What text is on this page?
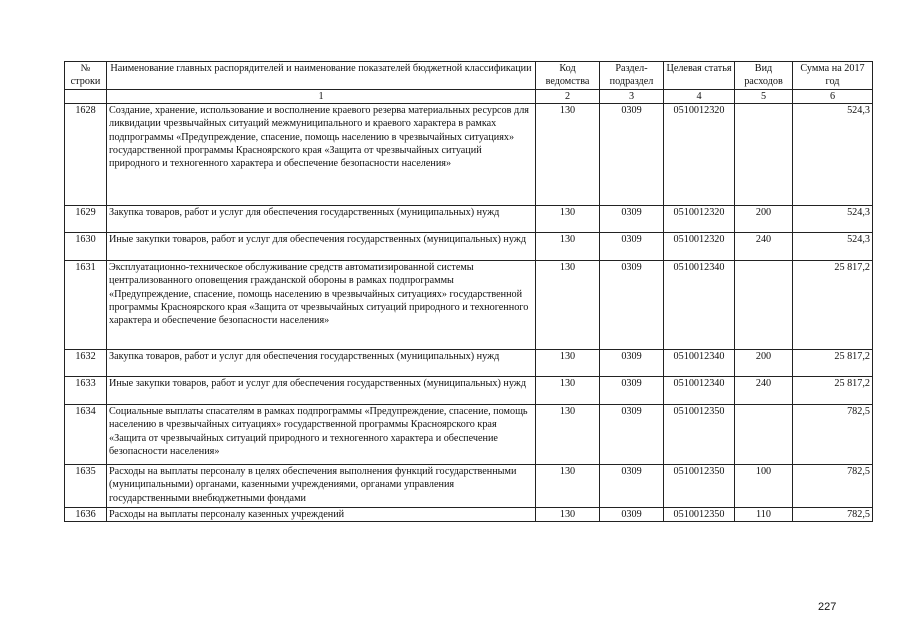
№ строки	Наименование главных распорядителей и наименование показателей бюджетной классификации	Код ведомства	Раздел-подраздел	Целевая статья	Вид расходов	Сумма на 2017 год
	1	2	3	4	5	6
1628	Создание, хранение, использование и восполнение краевого резерва материальных ресурсов для ликвидации чрезвычайных ситуаций межмуниципального и краевого характера в рамках подпрограммы «Предупреждение, спасение, помощь населению в чрезвычайных ситуациях» государственной программы Красноярского края «Защита от чрезвычайных ситуаций природного и техногенного характера и обеспечение безопасности населения»	130	0309	0510012320		524,3
1629	Закупка товаров, работ и услуг для обеспечения государственных (муниципальных) нужд	130	0309	0510012320	200	524,3
1630	Иные закупки товаров, работ и услуг для обеспечения государственных (муниципальных) нужд	130	0309	0510012320	240	524,3
1631	Эксплуатационно-техническое обслуживание средств автоматизированной системы централизованного оповещения гражданской обороны в рамках подпрограммы «Предупреждение, спасение, помощь населению в чрезвычайных ситуациях» государственной программы Красноярского края «Защита от чрезвычайных ситуаций природного и техногенного характера и обеспечение безопасности населения»	130	0309	0510012340		25 817,2
1632	Закупка товаров, работ и услуг для обеспечения государственных (муниципальных) нужд	130	0309	0510012340	200	25 817,2
1633	Иные закупки товаров, работ и услуг для обеспечения государственных (муниципальных) нужд	130	0309	0510012340	240	25 817,2
1634	Социальные выплаты спасателям в рамках подпрограммы «Предупреждение, спасение, помощь населению в чрезвычайных ситуациях» государственной программы Красноярского края «Защита от чрезвычайных ситуаций природного и техногенного характера и обеспечение безопасности населения»	130	0309	0510012350		782,5
1635	Расходы на выплаты персоналу в целях обеспечения выполнения функций государственными (муниципальными) органами, казенными учреждениями, органами управления государственными внебюджетными фондами	130	0309	0510012350	100	782,5
1636	Расходы на выплаты персоналу казенных учреждений	130	0309	0510012350	110	782,5
227
